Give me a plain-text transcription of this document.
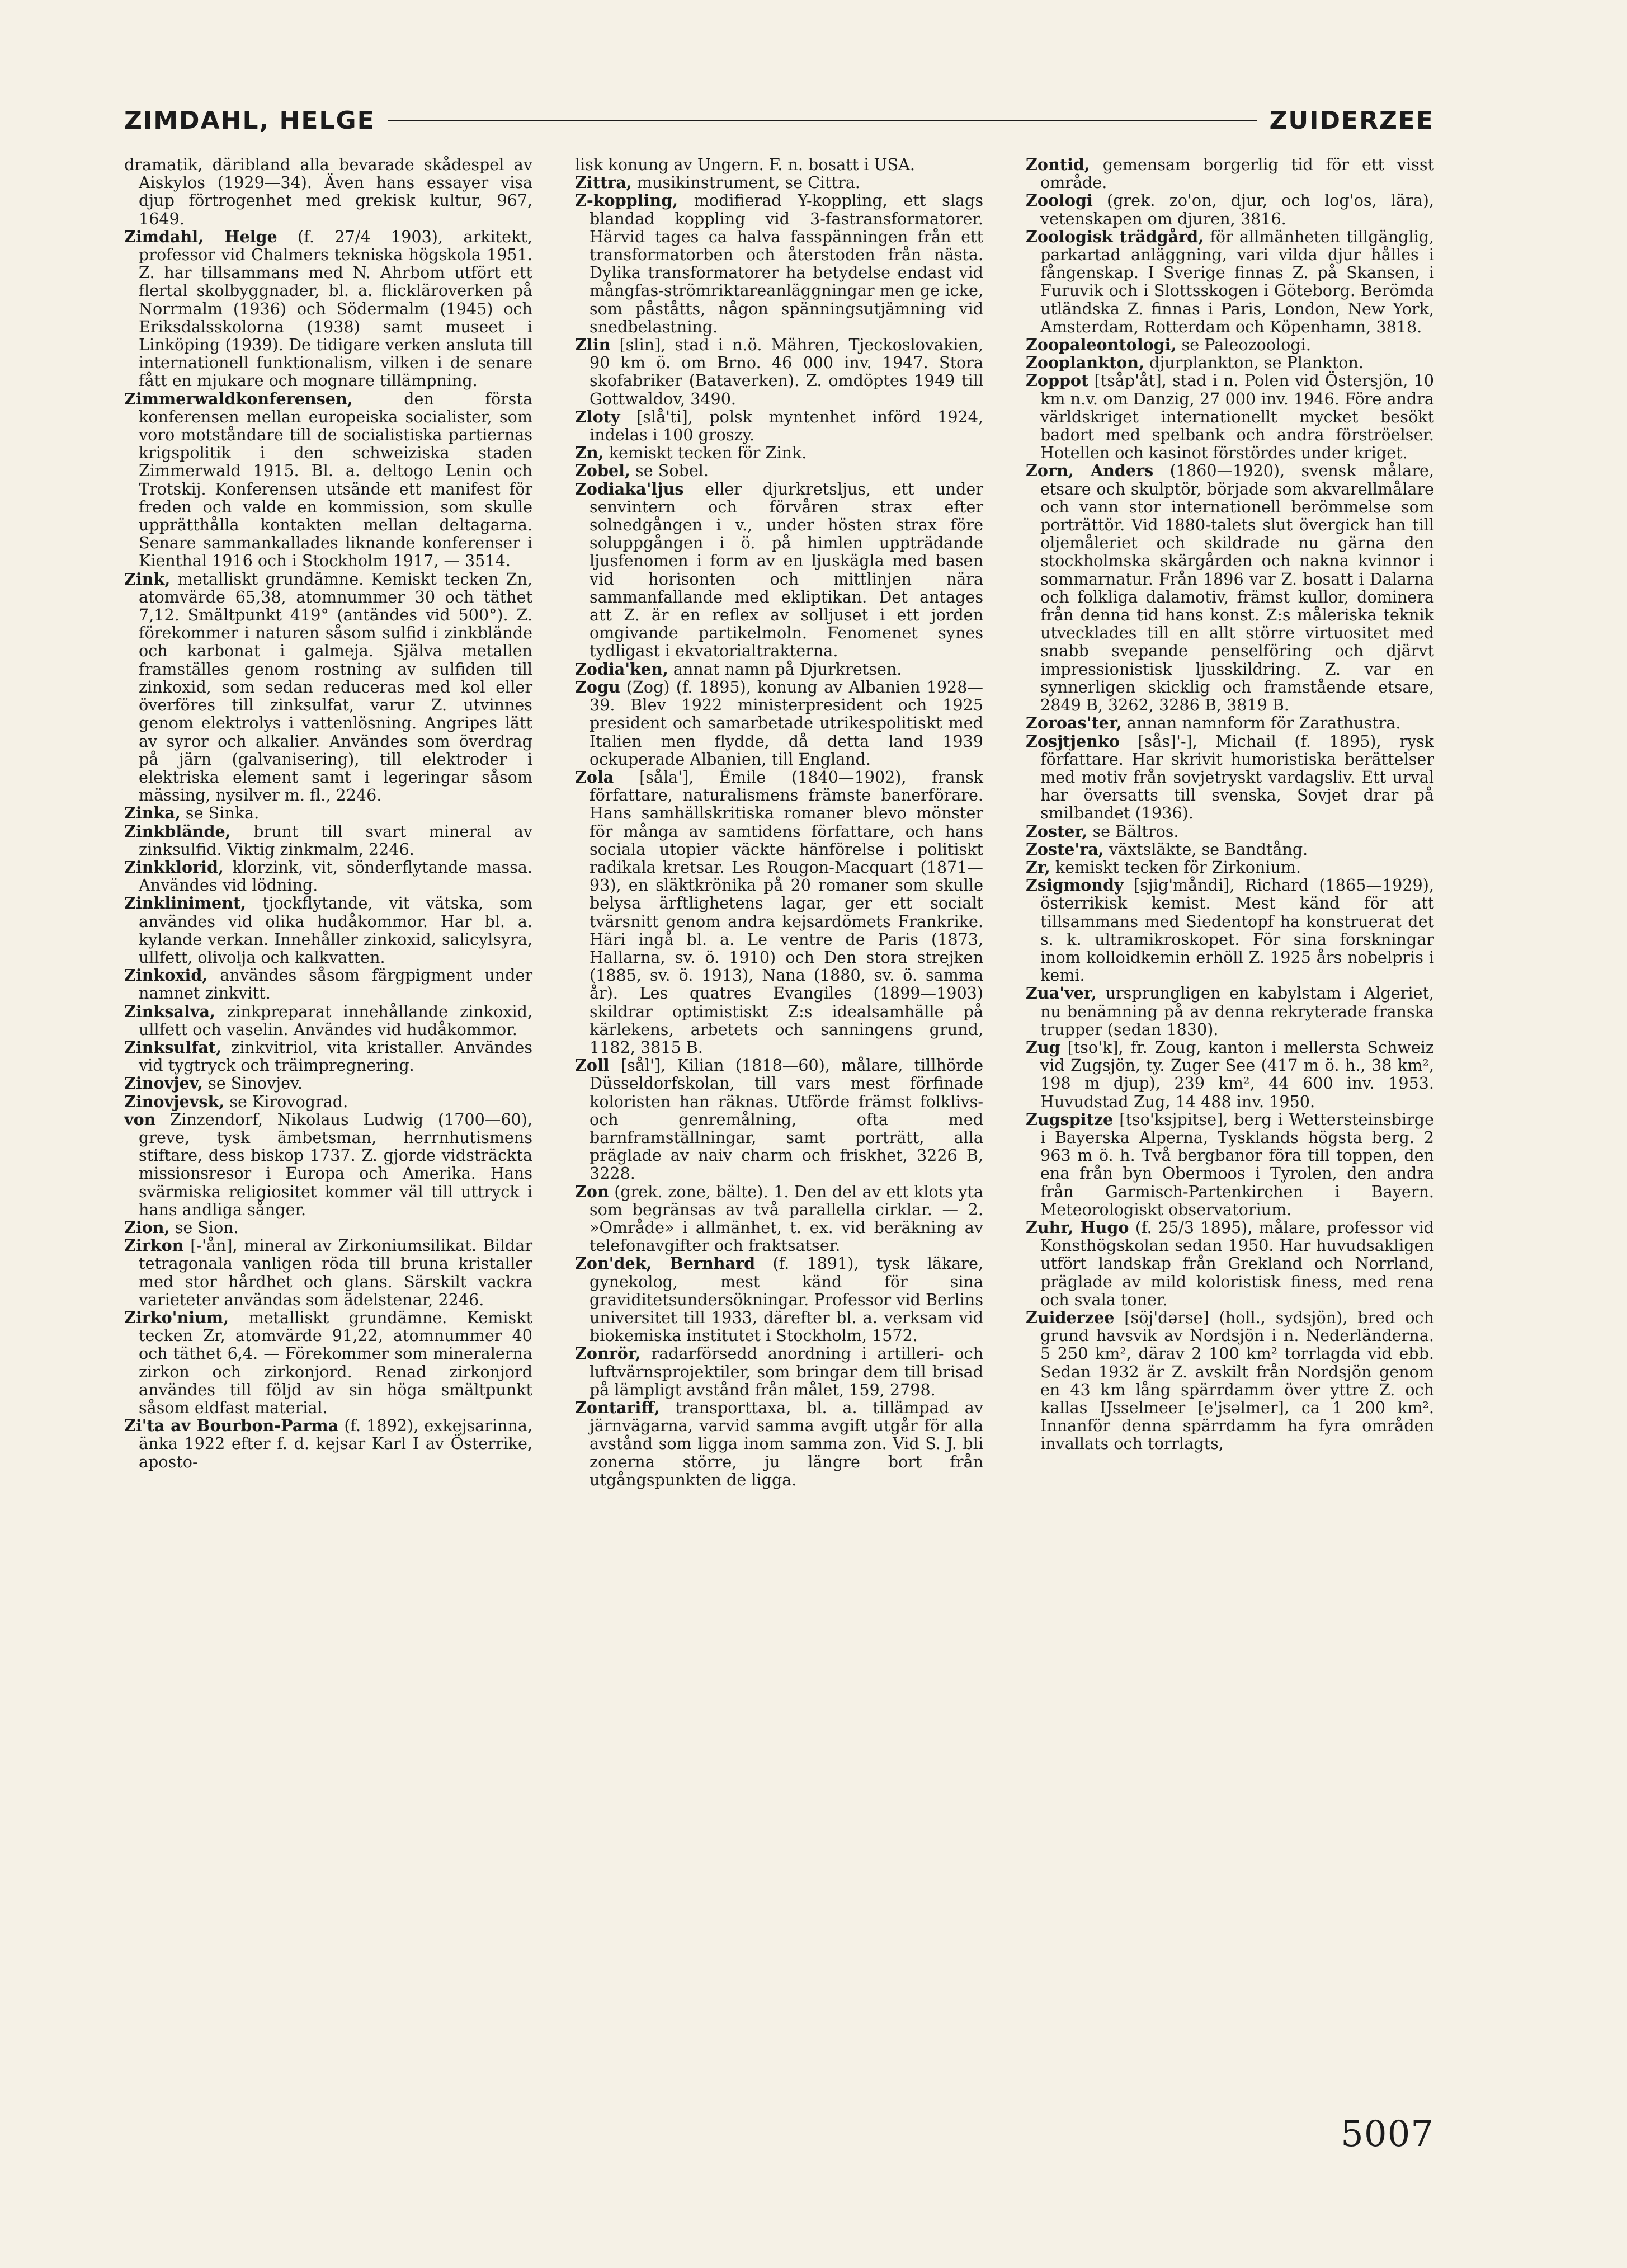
ZIMDAHL, HELGE	ZUIDERZEE

dramatik, däribland alla bevarade skådespel av Aiskylos (1929—34). Även hans essayer visa djup förtrogenhet med grekisk kultur, 967, 1649.

Zimdahl, Helge (f. 27/4 1903), arkitekt, professor vid Chalmers tekniska högskola 1951. Z. har tillsammans med N. Ahrbom utfört ett flertal skolbyggnader, bl. a. flickläroverken på Norrmalm (1936) och Södermalm (1945) och Eriksdalsskolorna (1938) samt museet i Linköping (1939). De tidigare verken ansluta till internationell funktionalism, vilken i de senare fått en mjukare och mognare tillämpning.

Zimmerwaldkonferensen, den första konferensen mellan europeiska socialister, som voro motståndare till de socialistiska partiernas krigspolitik i den schweiziska staden Zimmerwald 1915. Bl. a. deltogo Lenin och Trotskij. Konferensen utsände ett manifest för freden och valde en kommission, som skulle upprätthålla kontakten mellan deltagarna. Senare sammankallades liknande konferenser i Kienthal 1916 och i Stockholm 1917, — 3514.

Zink, metalliskt grundämne. Kemiskt tecken Zn, atomvärde 65,38, atomnummer 30 och täthet 7,12. Smältpunkt 419° (antändes vid 500°). Z. förekommer i naturen såsom sulfid i zinkblände och karbonat i galmeja. Själva metallen framställes genom rostning av sulfiden till zinkoxid, som sedan reduceras med kol eller överföres till zinksulfat, varur Z. utvinnes genom elektrolys i vattenlösning. Angripes lätt av syror och alkalier. Användes som överdrag på järn (galvanisering), till elektroder i elektriska element samt i legeringar såsom mässing, nysilver m. fl., 2246.

Zinka, se Sinka.

Zinkblände, brunt till svart mineral av zinksulfid. Viktig zinkmalm, 2246.

Zinkklorid, klorzink, vit, sönderflytande massa. Användes vid lödning.

Zinkliniment, tjockflytande, vit vätska, som användes vid olika hudåkommor. Har bl. a. kylande verkan. Innehåller zinkoxid, salicylsyra, ullfett, olivolja och kalkvatten.

Zinkoxid, användes såsom färgpigment under namnet zinkvitt.

Zinksalva, zinkpreparat innehållande zinkoxid, ullfett och vaselin. Användes vid hudåkommor.

Zinksulfat, zinkvitriol, vita kristaller. Användes vid tygtryck och träimpregnering.

Zinovjev, se Sinovjev.

Zinovjevsk, se Kirovograd.

von Zinzendorf, Nikolaus Ludwig (1700—60), greve, tysk ämbetsman, herrnhutismens stiftare, dess biskop 1737. Z. gjorde vidsträckta missionsresor i Europa och Amerika. Hans svärmiska religiositet kommer väl till uttryck i hans andliga sånger.

Zion, se Sion.

Zirkon [-'ån], mineral av Zirkoniumsilikat. Bildar tetragonala vanligen röda till bruna kristaller med stor hårdhet och glans. Särskilt vackra varieteter användas som ädelstenar, 2246.

Zirko'nium, metalliskt grundämne. Kemiskt tecken Zr, atomvärde 91,22, atomnummer 40 och täthet 6,4. — Förekommer som mineralerna zirkon och zirkonjord. Renad zirkonjord användes till följd av sin höga smältpunkt såsom eldfast material.

Zi'ta av Bourbon-Parma (f. 1892), exkejsarinna, änka 1922 efter f. d. kejsar Karl I av Österrike, aposto-

lisk konung av Ungern. F. n. bosatt i USA.

Zittra, musikinstrument, se Cittra.

Z-koppling, modifierad Y-koppling, ett slags blandad koppling vid 3-fastransformatorer. Härvid tages ca halva fasspänningen från ett transformatorben och återstoden från nästa. Dylika transformatorer ha betydelse endast vid mångfas-strömriktareanläggningar men ge icke, som påståtts, någon spänningsutjämning vid snedbelastning.

Zlin [slin], stad i n.ö. Mähren, Tjeckoslovakien, 90 km ö. om Brno. 46 000 inv. 1947. Stora skofabriker (Bataverken). Z. omdöptes 1949 till Gottwaldov, 3490.

Zloty [slå'ti], polsk myntenhet införd 1924, indelas i 100 groszy.

Zn, kemiskt tecken för Zink.

Zobel, se Sobel.

Zodiaka'ljus eller djurkretsljus, ett under senvintern och förvåren strax efter solnedgången i v., under hösten strax före soluppgången i ö. på himlen uppträdande ljusfenomen i form av en ljuskägla med basen vid horisonten och mittlinjen nära sammanfallande med ekliptikan. Det antages att Z. är en reflex av solljuset i ett jorden omgivande partikelmoln. Fenomenet synes tydligast i ekvatorialtrakterna.

Zodia'ken, annat namn på Djurkretsen.

Zogu (Zog) (f. 1895), konung av Albanien 1928—39. Blev 1922 ministerpresident och 1925 president och samarbetade utrikespolitiskt med Italien men flydde, då detta land 1939 ockuperade Albanien, till England.

Zola [såla'], Émile (1840—1902), fransk författare, naturalismens främste banerförare. Hans samhällskritiska romaner blevo mönster för många av samtidens författare, och hans sociala utopier väckte hänförelse i politiskt radikala kretsar. Les Rougon-Macquart (1871—93), en släktkrönika på 20 romaner som skulle belysa ärftlighetens lagar, ger ett socialt tvärsnitt genom andra kejsardömets Frankrike. Häri ingå bl. a. Le ventre de Paris (1873, Hallarna, sv. ö. 1910) och Den stora strejken (1885, sv. ö. 1913), Nana (1880, sv. ö. samma år). Les quatres Evangiles (1899—1903) skildrar optimistiskt Z:s idealsamhälle på kärlekens, arbetets och sanningens grund, 1182, 3815 B.

Zoll [sål'], Kilian (1818—60), målare, tillhörde Düsseldorfskolan, till vars mest förfinade koloristen han räknas. Utförde främst folklivs- och genremålning, ofta med barnframställningar, samt porträtt, alla präglade av naiv charm och friskhet, 3226 B, 3228.

Zon (grek. zone, bälte). 1. Den del av ett klots yta som begränsas av två parallella cirklar. — 2. »Område» i allmänhet, t. ex. vid beräkning av telefonavgifter och fraktsatser.

Zon'dek, Bernhard (f. 1891), tysk läkare, gynekolog, mest känd för sina graviditetsundersökningar. Professor vid Berlins universitet till 1933, därefter bl. a. verksam vid biokemiska institutet i Stockholm, 1572.

Zonrör, radarförsedd anordning i artilleri- och luftvärnsprojektiler, som bringar dem till brisad på lämpligt avstånd från målet, 159, 2798.

Zontariff, transporttaxa, bl. a. tillämpad av järnvägarna, varvid samma avgift utgår för alla avstånd som ligga inom samma zon. Vid S. J. bli zonerna större, ju längre bort från utgångspunkten de ligga.

Zontid, gemensam borgerlig tid för ett visst område.

Zoologi (grek. zo'on, djur, och log'os, lära), vetenskapen om djuren, 3816.

Zoologisk trädgård, för allmänheten tillgänglig, parkartad anläggning, vari vilda djur hålles i fångenskap. I Sverige finnas Z. på Skansen, i Furuvik och i Slottsskogen i Göteborg. Berömda utländska Z. finnas i Paris, London, New York, Amsterdam, Rotterdam och Köpenhamn, 3818.

Zoopaleontologi, se Paleozoologi.

Zooplankton, djurplankton, se Plankton.

Zoppot [tsåp'åt], stad i n. Polen vid Östersjön, 10 km n.v. om Danzig, 27 000 inv. 1946. Före andra världskriget internationellt mycket besökt badort med spelbank och andra förströelser. Hotellen och kasinot förstördes under kriget.

Zorn, Anders (1860—1920), svensk målare, etsare och skulptör, började som akvarellmålare och vann stor internationell berömmelse som porträttör. Vid 1880-talets slut övergick han till oljemåleriet och skildrade nu gärna den stockholmska skärgården och nakna kvinnor i sommarnatur. Från 1896 var Z. bosatt i Dalarna och folkliga dalamotiv, främst kullor, dominera från denna tid hans konst. Z:s måleriska teknik utvecklades till en allt större virtuositet med snabb svepande penselföring och djärvt impressionistisk ljusskildring. Z. var en synnerligen skicklig och framstående etsare, 2849 B, 3262, 3286 B, 3819 B.

Zoroas'ter, annan namnform för Zarathustra.

Zosjtjenko [sås]'-], Michail (f. 1895), rysk författare. Har skrivit humoristiska berättelser med motiv från sovjetryskt vardagsliv. Ett urval har översatts till svenska, Sovjet drar på smilbandet (1936).

Zoster, se Bältros.

Zoste'ra, växtsläkte, se Bandtång.

Zr, kemiskt tecken för Zirkonium.

Zsigmondy [sjig'måndi], Richard (1865—1929), österrikisk kemist. Mest känd för att tillsammans med Siedentopf ha konstruerat det s. k. ultramikroskopet. För sina forskningar inom kolloidkemin erhöll Z. 1925 års nobelpris i kemi.

Zua'ver, ursprungligen en kabylstam i Algeriet, nu benämning på av denna rekryterade franska trupper (sedan 1830).

Zug [tso'k], fr. Zoug, kanton i mellersta Schweiz vid Zugsjön, ty. Zuger See (417 m ö. h., 38 km², 198 m djup), 239 km², 44 600 inv. 1953. Huvudstad Zug, 14 488 inv. 1950.

Zugspitze [tso'ksjpitse], berg i Wettersteinsbirge i Bayerska Alperna, Tysklands högsta berg. 2 963 m ö. h. Två bergbanor föra till toppen, den ena från byn Obermoos i Tyrolen, den andra från Garmisch-Partenkirchen i Bayern. Meteorologiskt observatorium.

Zuhr, Hugo (f. 25/3 1895), målare, professor vid Konsthögskolan sedan 1950. Har huvudsakligen utfört landskap från Grekland och Norrland, präglade av mild koloristisk finess, med rena och svala toner.

Zuiderzee [söj'dərse] (holl., sydsjön), bred och grund havsvik av Nordsjön i n. Nederländerna. 5 250 km², därav 2 100 km² torrlagda vid ebb. Sedan 1932 är Z. avskilt från Nordsjön genom en 43 km lång spärrdamm över yttre Z. och kallas IJsselmeer [e'jsəlmer], ca 1 200 km². Innanför denna spärrdamm ha fyra områden invallats och torrlagts,

5007
